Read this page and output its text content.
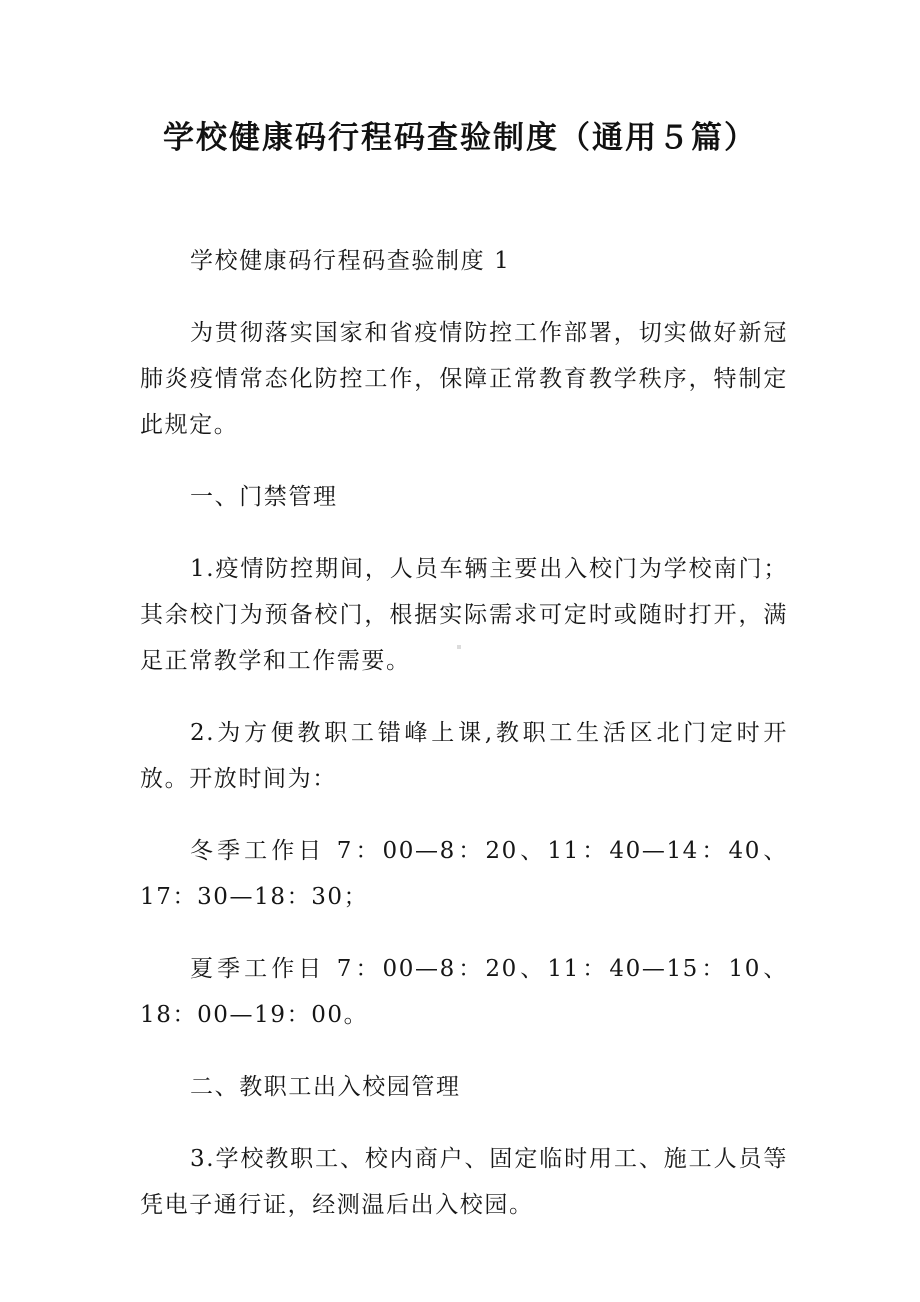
学校健康码行程码查验制度（通用５篇）

学校健康码行程码查验制度 1

为贯彻落实国家和省疫情防控工作部署，切实做好新冠肺炎疫情常态化防控工作，保障正常教育教学秩序，特制定此规定。

一、门禁管理

1.疫情防控期间，人员车辆主要出入校门为学校南门；其余校门为预备校门，根据实际需求可定时或随时打开，满足正常教学和工作需要。

2.为方便教职工错峰上课,教职工生活区北门定时开放。开放时间为：

冬季工作日 7：00—8：20、11：40—14：40、17：30—18：30；

夏季工作日 7：00—8：20、11：40—15：10、18：00—19：00。

二、教职工出入校园管理

3.学校教职工、校内商户、固定临时用工、施工人员等凭电子通行证，经测温后出入校园。
